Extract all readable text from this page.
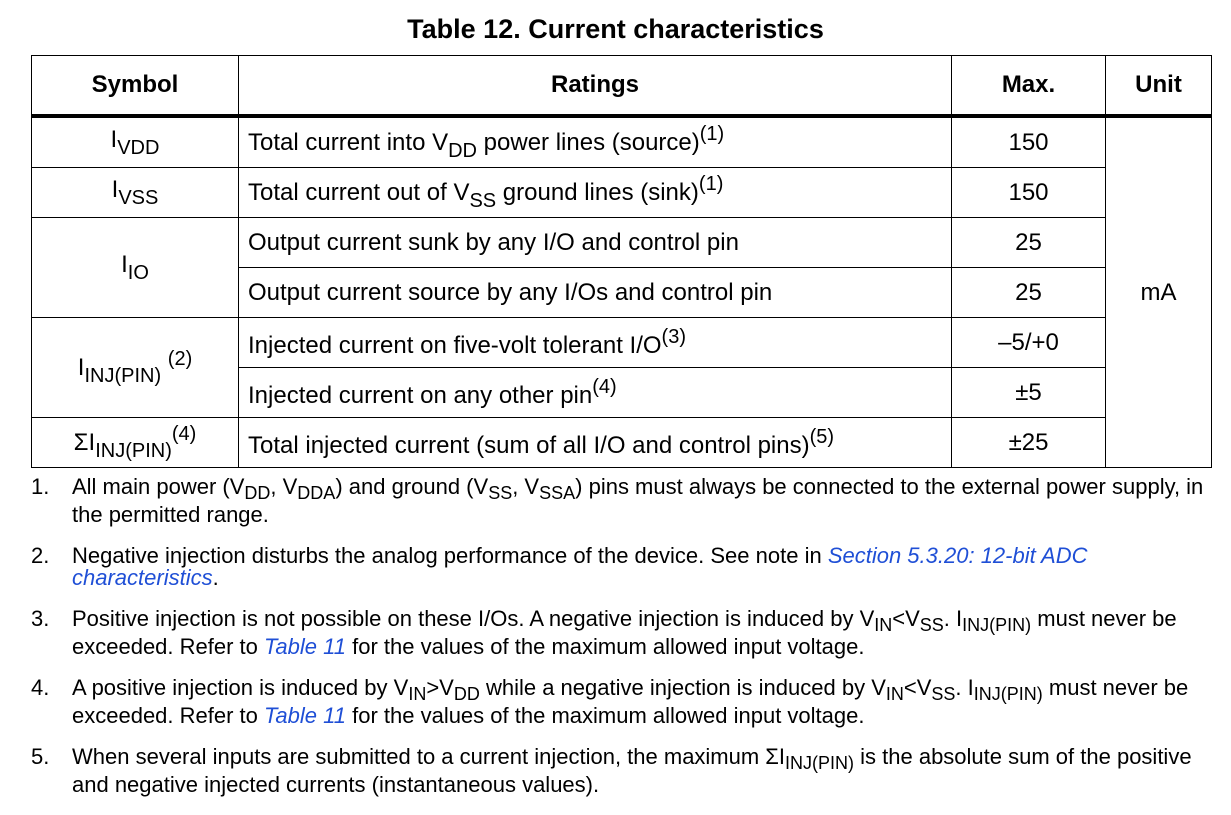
Table 12. Current characteristics
Symbol	Ratings	Max.	Unit
$I_{VDD}$	Total current into $V_{DD}$ power lines (source)$^{(1)}$	150	mA
$I_{VSS}$	Total current out of $V_{SS}$ ground lines $(\sin k)^{(1)}$	150	
$I_{IO}$	Output current sunk by any I/O and control pin	25	
	Output current source by any I/Os and control pin	25	
$I_{INJ(PIN)}$ $^{(2)}$	Injected current on five-volt tolerant $I/O^{(3)}$	–5/+0	
	Injected current on any other pin$^{(4)}$	±5	
$\Sigma I_{INJ(PIN)}^{(4)}$	Total injected current (sum of all I/O and control pins)$^{(5)}$	±25	
1.	All main power ($V_{DD}$, $V_{DDA}$) and ground ($V_{SS}$, $V_{SSA}$) pins must always be connected to the external power supply, in the permitted range.
2.	Negative injection disturbs the analog performance of the device. See note in Section 5.3.20: 12-bit ADC characteristics.
3.	Positive injection is not possible on these I/Os. A negative injection is induced by $V_{IN}<V_{SS}$. $I_{INJ(PIN)}$ must never be exceeded. Refer to Table 11 for the values of the maximum allowed input voltage.
4.	A positive injection is induced by $V_{IN}>V_{DD}$ while a negative injection is induced by $V_{IN}<V_{SS}$. $I_{INJ(PIN)}$ must never be exceeded. Refer to Table 11 for the values of the maximum allowed input voltage.
5.	When several inputs are submitted to a current injection, the maximum $\Sigma I_{INJ(PIN)}$ is the absolute sum of the positive and negative injected currents (instantaneous values).
